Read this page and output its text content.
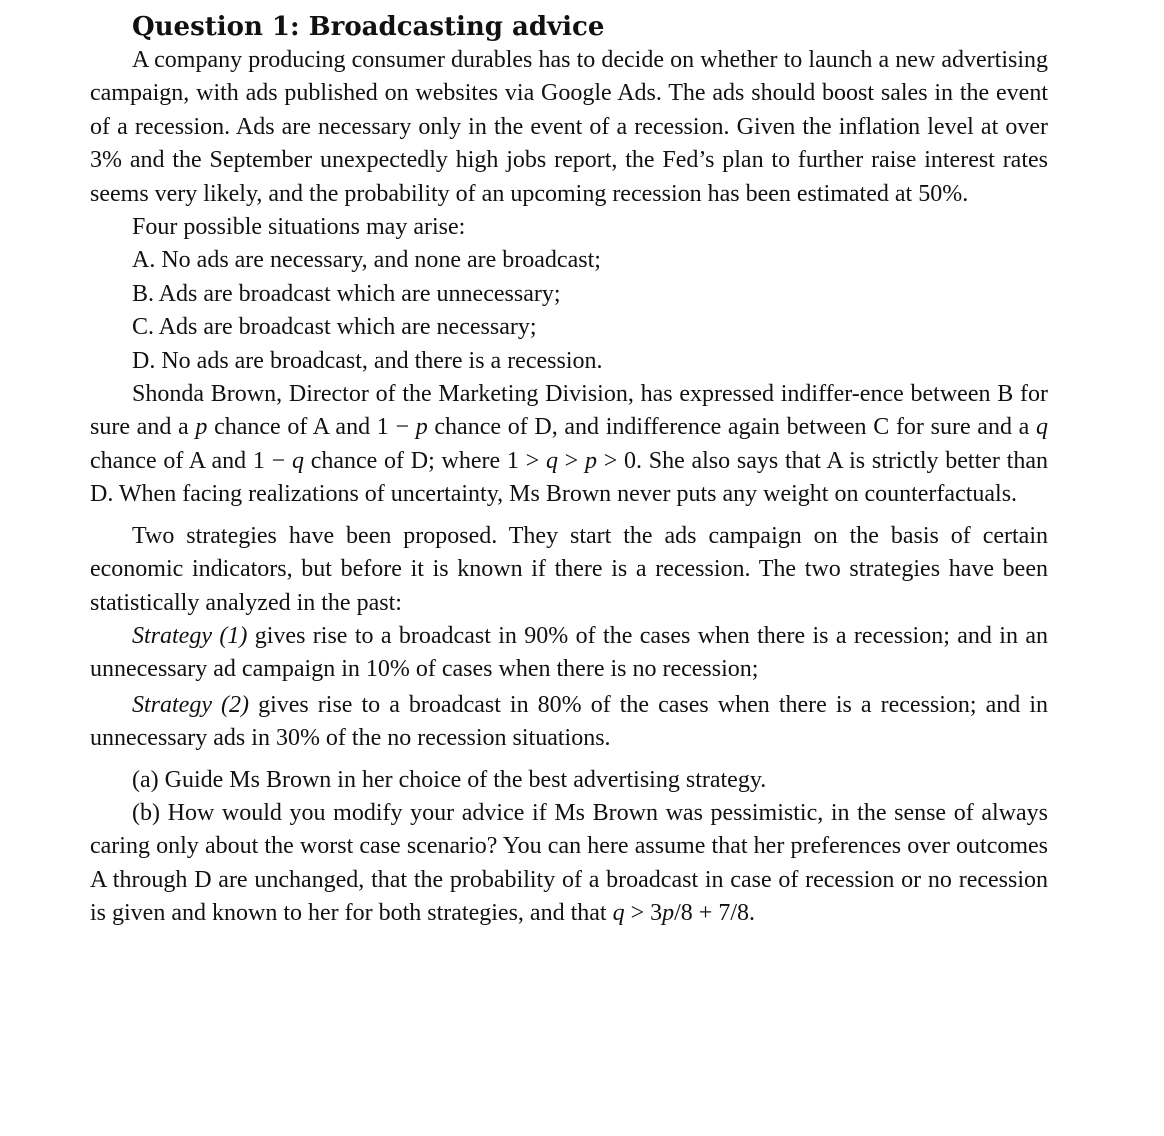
Question 1: Broadcasting advice

A company producing consumer durables has to decide on whether to launch a new advertising campaign, with ads published on websites via Google Ads. The ads should boost sales in the event of a recession. Ads are necessary only in the event of a recession. Given the inflation level at over 3% and the September unexpectedly high jobs report, the Fed’s plan to further raise interest rates seems very likely, and the probability of an upcoming recession has been estimated at 50%.

Four possible situations may arise:

A. No ads are necessary, and none are broadcast;

B. Ads are broadcast which are unnecessary;

C. Ads are broadcast which are necessary;

D. No ads are broadcast, and there is a recession.

Shonda Brown, Director of the Marketing Division, has expressed indiffer-ence between B for sure and a p chance of A and 1 − p chance of D, and indifference again between C for sure and a q chance of A and 1 − q chance of D; where 1 > q > p > 0. She also says that A is strictly better than D. When facing realizations of uncertainty, Ms Brown never puts any weight on counterfactuals.

Two strategies have been proposed. They start the ads campaign on the basis of certain economic indicators, but before it is known if there is a recession. The two strategies have been statistically analyzed in the past:

Strategy (1) gives rise to a broadcast in 90% of the cases when there is a recession; and in an unnecessary ad campaign in 10% of cases when there is no recession;

Strategy (2) gives rise to a broadcast in 80% of the cases when there is a recession; and in unnecessary ads in 30% of the no recession situations.

(a) Guide Ms Brown in her choice of the best advertising strategy.

(b) How would you modify your advice if Ms Brown was pessimistic, in the sense of always caring only about the worst case scenario? You can here assume that her preferences over outcomes A through D are unchanged, that the probability of a broadcast in case of recession or no recession is given and known to her for both strategies, and that q > 3p/8 + 7/8.
